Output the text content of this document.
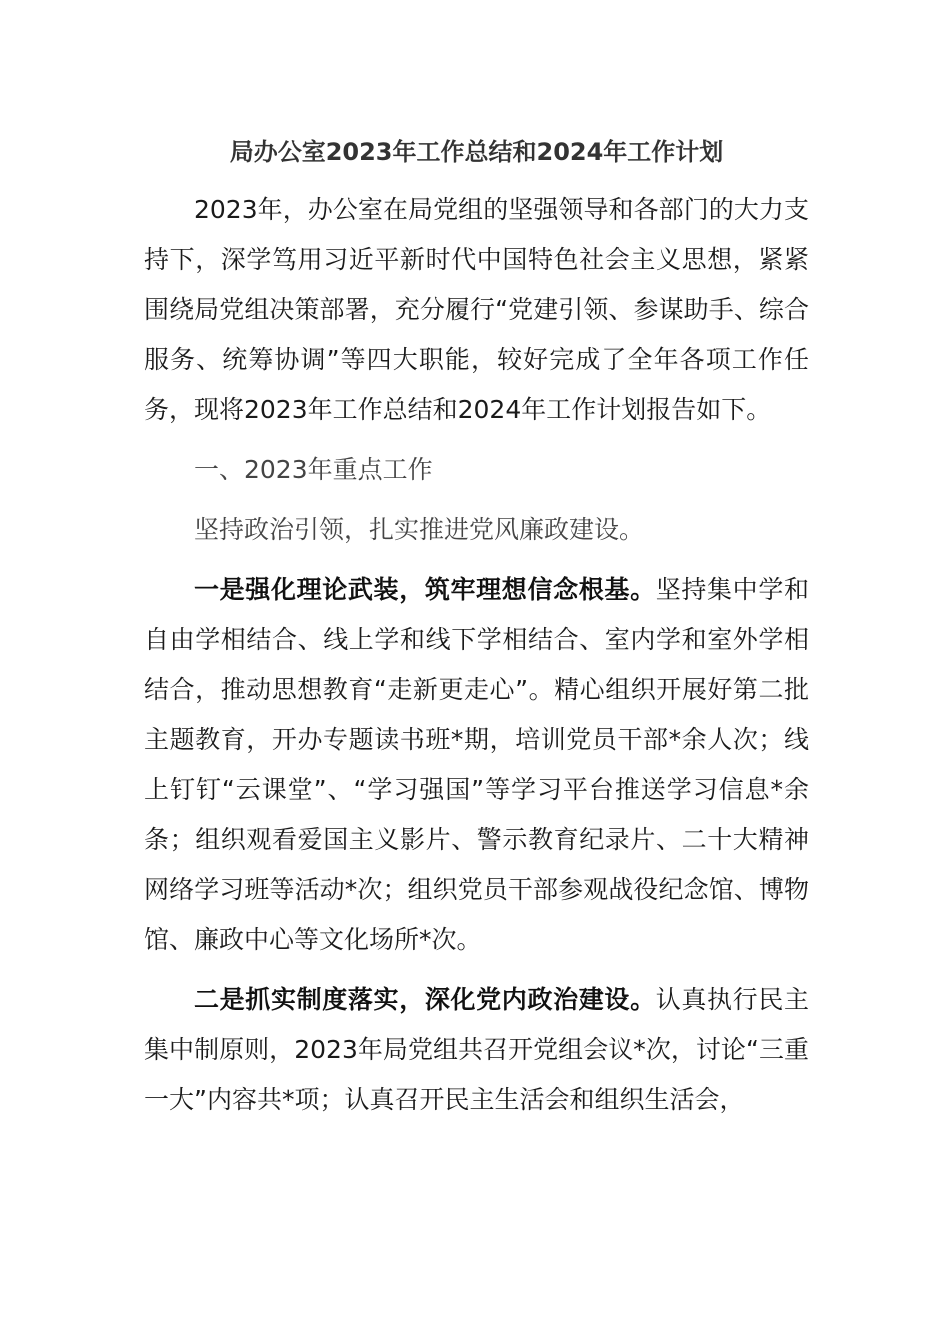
局办公室2023年工作总结和2024年工作计划

2023年，办公室在局党组的坚强领导和各部门的大力支持下，深学笃用习近平新时代中国特色社会主义思想，紧紧围绕局党组决策部署，充分履行“党建引领、参谋助手、综合服务、统筹协调”等四大职能，较好完成了全年各项工作任务，现将2023年工作总结和2024年工作计划报告如下。

一、2023年重点工作

坚持政治引领，扎实推进党风廉政建设。

一是强化理论武装，筑牢理想信念根基。坚持集中学和自由学相结合、线上学和线下学相结合、室内学和室外学相结合，推动思想教育“走新更走心”。精心组织开展好第二批主题教育，开办专题读书班*期，培训党员干部*余人次；线上钉钉“云课堂”、“学习强国”等学习平台推送学习信息*余条；组织观看爱国主义影片、警示教育纪录片、二十大精神网络学习班等活动*次；组织党员干部参观战役纪念馆、博物馆、廉政中心等文化场所*次。

二是抓实制度落实，深化党内政治建设。认真执行民主集中制原则，2023年局党组共召开党组会议*次，讨论“三重一大”内容共*项；认真召开民主生活会和组织生活会，
